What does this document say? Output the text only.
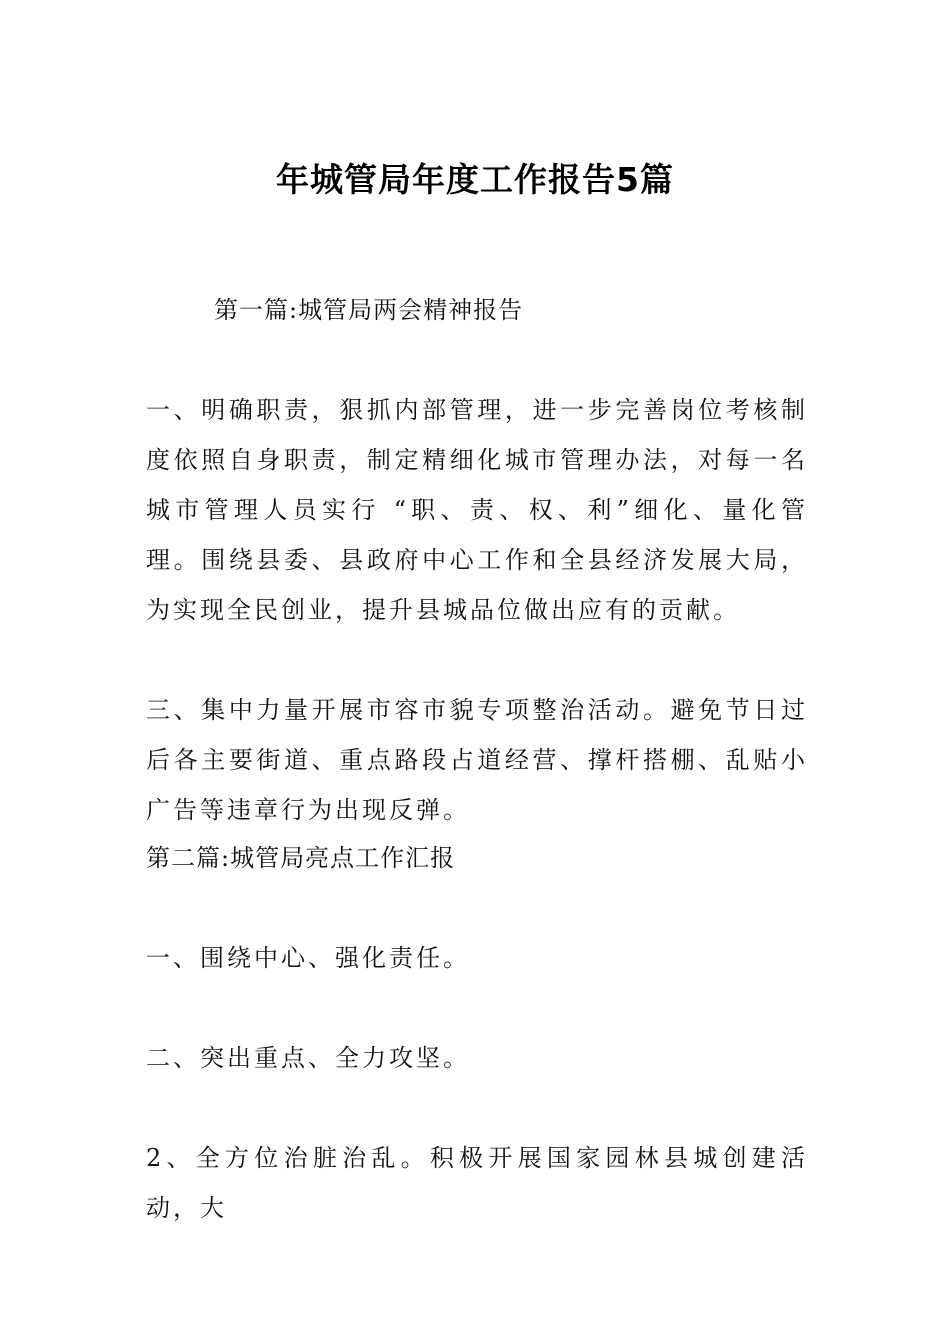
年城管局年度工作报告5篇

第一篇:城管局两会精神报告

一、明确职责，狠抓内部管理，进一步完善岗位考核制度依照自身职责，制定精细化城市管理办法，对每一名城市管理人员实行 “职、责、权、利”细化、量化管理。围绕县委、县政府中心工作和全县经济发展大局，为实现全民创业，提升县城品位做出应有的贡献。

三、集中力量开展市容市貌专项整治活动。避免节日过后各主要街道、重点路段占道经营、撑杆搭棚、乱贴小广告等违章行为出现反弹。

第二篇:城管局亮点工作汇报

一、围绕中心、强化责任。

二、突出重点、全力攻坚。

2、全方位治脏治乱。积极开展国家园林县城创建活动，大
